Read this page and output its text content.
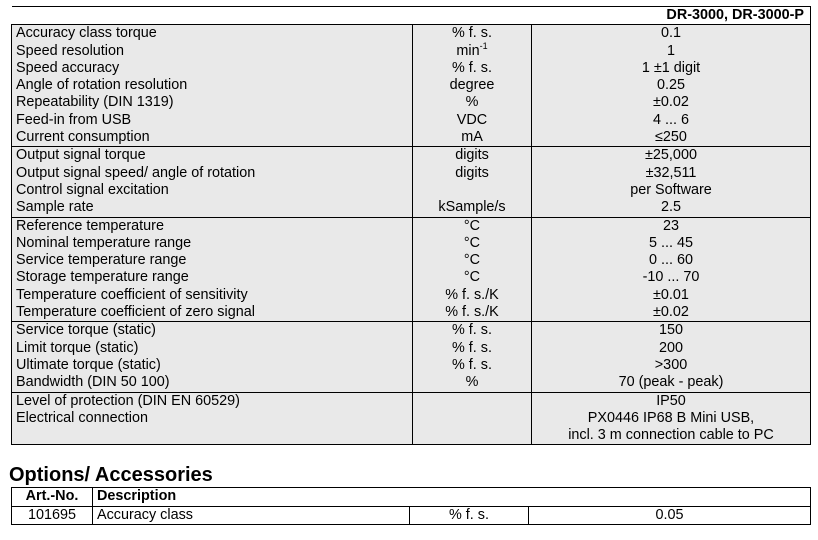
		DR-3000, DR-3000-P
Accuracy class torque	% f. s.	0.1
Speed resolution	$\min^{-1}$	1
Speed accuracy	% f. s.	1 ±1 digit
Angle of rotation resolution	degree	0.25
Repeatability (DIN 1319)	%	±0.02
Feed-in from USB	VDC	4 ... 6
Current consumption	mA	≤250
Output signal torque	digits	±25,000
Output signal speed/ angle of rotation	digits	±32,511
Control signal excitation		per Software
Sample rate	kSample/s	2.5
Reference temperature	°C	23
Nominal temperature range	°C	5 ... 45
Service temperature range	°C	0 ... 60
Storage temperature range	°C	-10 ... 70
Temperature coefficient of sensitivity	% f. s./K	±0.01
Temperature coefficient of zero signal	% f. s./K	±0.02
Service torque (static)	% f. s.	150
Limit torque (static)	% f. s.	200
Ultimate torque (static)	% f. s.	>300
Bandwidth (DIN 50 100)	%	70 (peak - peak)
Level of protection (DIN EN 60529)		IP50
Electrical connection		PX0446 IP68 B Mini USB,
incl. 3 m connection cable to PC
Options/ Accessories
Art.-No.	Description		
101695	Accuracy class	% f. s.	0.05
